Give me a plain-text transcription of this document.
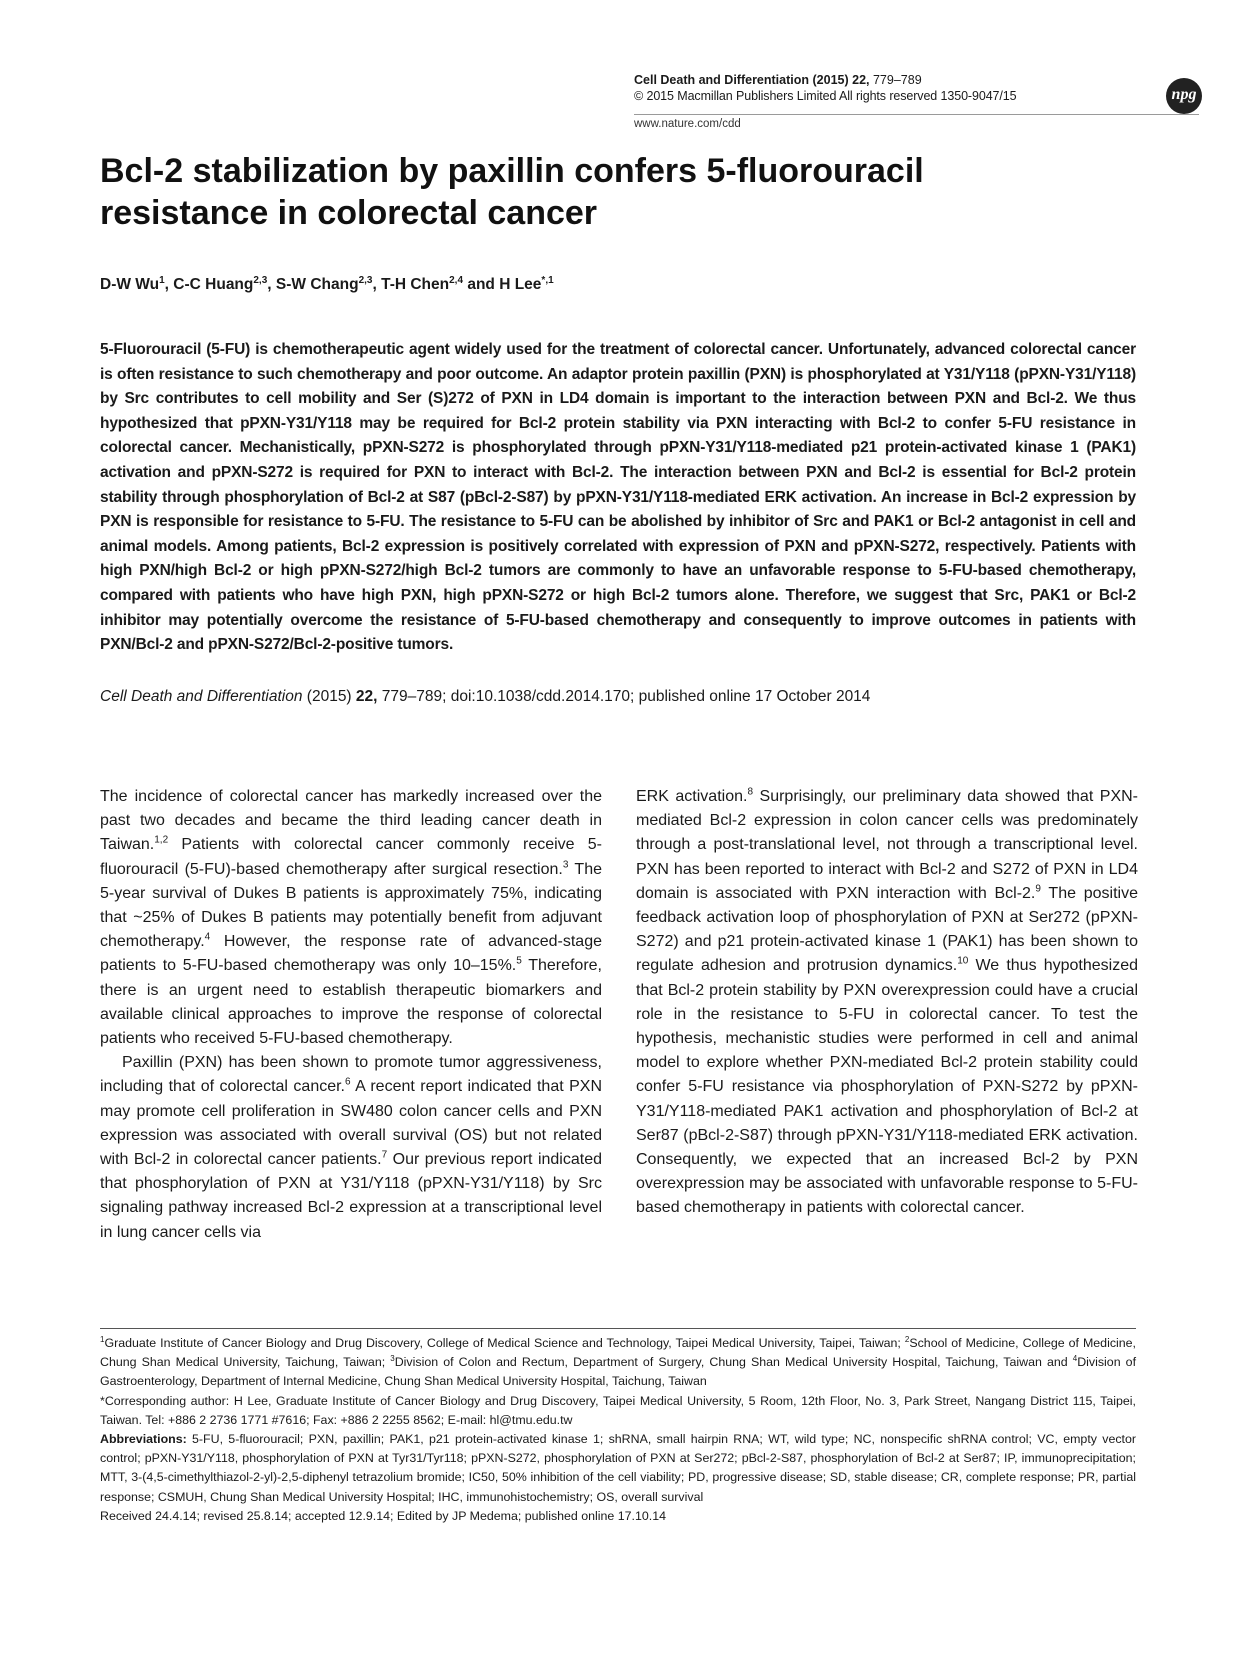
Cell Death and Differentiation (2015) 22, 779–789
© 2015 Macmillan Publishers Limited All rights reserved 1350-9047/15
www.nature.com/cdd
npg
Bcl-2 stabilization by paxillin confers 5-fluorouracil resistance in colorectal cancer
D-W Wu$^1$, C-C Huang$^{2,3}$, S-W Chang$^{2,3}$, T-H Chen$^{2,4}$ and H Lee$^{*,1}$
5-Fluorouracil (5-FU) is chemotherapeutic agent widely used for the treatment of colorectal cancer. Unfortunately, advanced colorectal cancer is often resistance to such chemotherapy and poor outcome. An adaptor protein paxillin (PXN) is phosphorylated at Y31/Y118 (pPXN-Y31/Y118) by Src contributes to cell mobility and Ser (S)272 of PXN in LD4 domain is important to the interaction between PXN and Bcl-2. We thus hypothesized that pPXN-Y31/Y118 may be required for Bcl-2 protein stability via PXN interacting with Bcl-2 to confer 5-FU resistance in colorectal cancer. Mechanistically, pPXN-S272 is phosphorylated through pPXN-Y31/Y118-mediated p21 protein-activated kinase 1 (PAK1) activation and pPXN-S272 is required for PXN to interact with Bcl-2. The interaction between PXN and Bcl-2 is essential for Bcl-2 protein stability through phosphorylation of Bcl-2 at S87 (pBcl-2-S87) by pPXN-Y31/Y118-mediated ERK activation. An increase in Bcl-2 expression by PXN is responsible for resistance to 5-FU. The resistance to 5-FU can be abolished by inhibitor of Src and PAK1 or Bcl-2 antagonist in cell and animal models. Among patients, Bcl-2 expression is positively correlated with expression of PXN and pPXN-S272, respectively. Patients with high PXN/high Bcl-2 or high pPXN-S272/high Bcl-2 tumors are commonly to have an unfavorable response to 5-FU-based chemotherapy, compared with patients who have high PXN, high pPXN-S272 or high Bcl-2 tumors alone. Therefore, we suggest that Src, PAK1 or Bcl-2 inhibitor may potentially overcome the resistance of 5-FU-based chemotherapy and consequently to improve outcomes in patients with PXN/Bcl-2 and pPXN-S272/Bcl-2-positive tumors.
Cell Death and Differentiation (2015) 22, 779–789; doi:10.1038/cdd.2014.170; published online 17 October 2014

The incidence of colorectal cancer has markedly increased over the past two decades and became the third leading cancer death in Taiwan.$^{1,2}$ Patients with colorectal cancer commonly receive 5-fluorouracil (5-FU)-based chemotherapy after surgical resection.$^3$ The 5-year survival of Dukes B patients is approximately 75%, indicating that ~25% of Dukes B patients may potentially benefit from adjuvant chemotherapy.$^4$ However, the response rate of advanced-stage patients to 5-FU-based chemotherapy was only 10–15%.$^5$ Therefore, there is an urgent need to establish therapeutic biomarkers and available clinical approaches to improve the response of colorectal patients who received 5-FU-based chemotherapy.

Paxillin (PXN) has been shown to promote tumor aggressiveness, including that of colorectal cancer.$^6$ A recent report indicated that PXN may promote cell proliferation in SW480 colon cancer cells and PXN expression was associated with overall survival (OS) but not related with Bcl-2 in colorectal cancer patients.$^7$ Our previous report indicated that phosphorylation of PXN at Y31/Y118 (pPXN-Y31/Y118) by Src signaling pathway increased Bcl-2 expression at a transcriptional level in lung cancer cells via

ERK activation.$^8$ Surprisingly, our preliminary data showed that PXN-mediated Bcl-2 expression in colon cancer cells was predominately through a post-translational level, not through a transcriptional level. PXN has been reported to interact with Bcl-2 and S272 of PXN in LD4 domain is associated with PXN interaction with Bcl-2.$^9$ The positive feedback activation loop of phosphorylation of PXN at Ser272 (pPXN-S272) and p21 protein-activated kinase 1 (PAK1) has been shown to regulate adhesion and protrusion dynamics.$^{10}$ We thus hypothesized that Bcl-2 protein stability by PXN overexpression could have a crucial role in the resistance to 5-FU in colorectal cancer. To test the hypothesis, mechanistic studies were performed in cell and animal model to explore whether PXN-mediated Bcl-2 protein stability could confer 5-FU resistance via phosphorylation of PXN-S272 by pPXN-Y31/Y118-mediated PAK1 activation and phosphorylation of Bcl-2 at Ser87 (pBcl-2-S87) through pPXN-Y31/Y118-mediated ERK activation. Consequently, we expected that an increased Bcl-2 by PXN overexpression may be associated with unfavorable response to 5-FU-based chemotherapy in patients with colorectal cancer.

$^1$Graduate Institute of Cancer Biology and Drug Discovery, College of Medical Science and Technology, Taipei Medical University, Taipei, Taiwan; $^2$School of Medicine, College of Medicine, Chung Shan Medical University, Taichung, Taiwan; $^3$Division of Colon and Rectum, Department of Surgery, Chung Shan Medical University Hospital, Taichung, Taiwan and $^4$Division of Gastroenterology, Department of Internal Medicine, Chung Shan Medical University Hospital, Taichung, Taiwan

*Corresponding author: H Lee, Graduate Institute of Cancer Biology and Drug Discovery, Taipei Medical University, 5 Room, 12th Floor, No. 3, Park Street, Nangang District 115, Taipei, Taiwan. Tel: +886 2 2736 1771 #7616; Fax: +886 2 2255 8562; E-mail: hl@tmu.edu.tw

Abbreviations: 5-FU, 5-fluorouracil; PXN, paxillin; PAK1, p21 protein-activated kinase 1; shRNA, small hairpin RNA; WT, wild type; NC, nonspecific shRNA control; VC, empty vector control; pPXN-Y31/Y118, phosphorylation of PXN at Tyr31/Tyr118; pPXN-S272, phosphorylation of PXN at Ser272; pBcl-2-S87, phosphorylation of Bcl-2 at Ser87; IP, immunoprecipitation; MTT, 3-(4,5-cimethylthiazol-2-yl)-2,5-diphenyl tetrazolium bromide; IC50, 50% inhibition of the cell viability; PD, progressive disease; SD, stable disease; CR, complete response; PR, partial response; CSMUH, Chung Shan Medical University Hospital; IHC, immunohistochemistry; OS, overall survival

Received 24.4.14; revised 25.8.14; accepted 12.9.14; Edited by JP Medema; published online 17.10.14
